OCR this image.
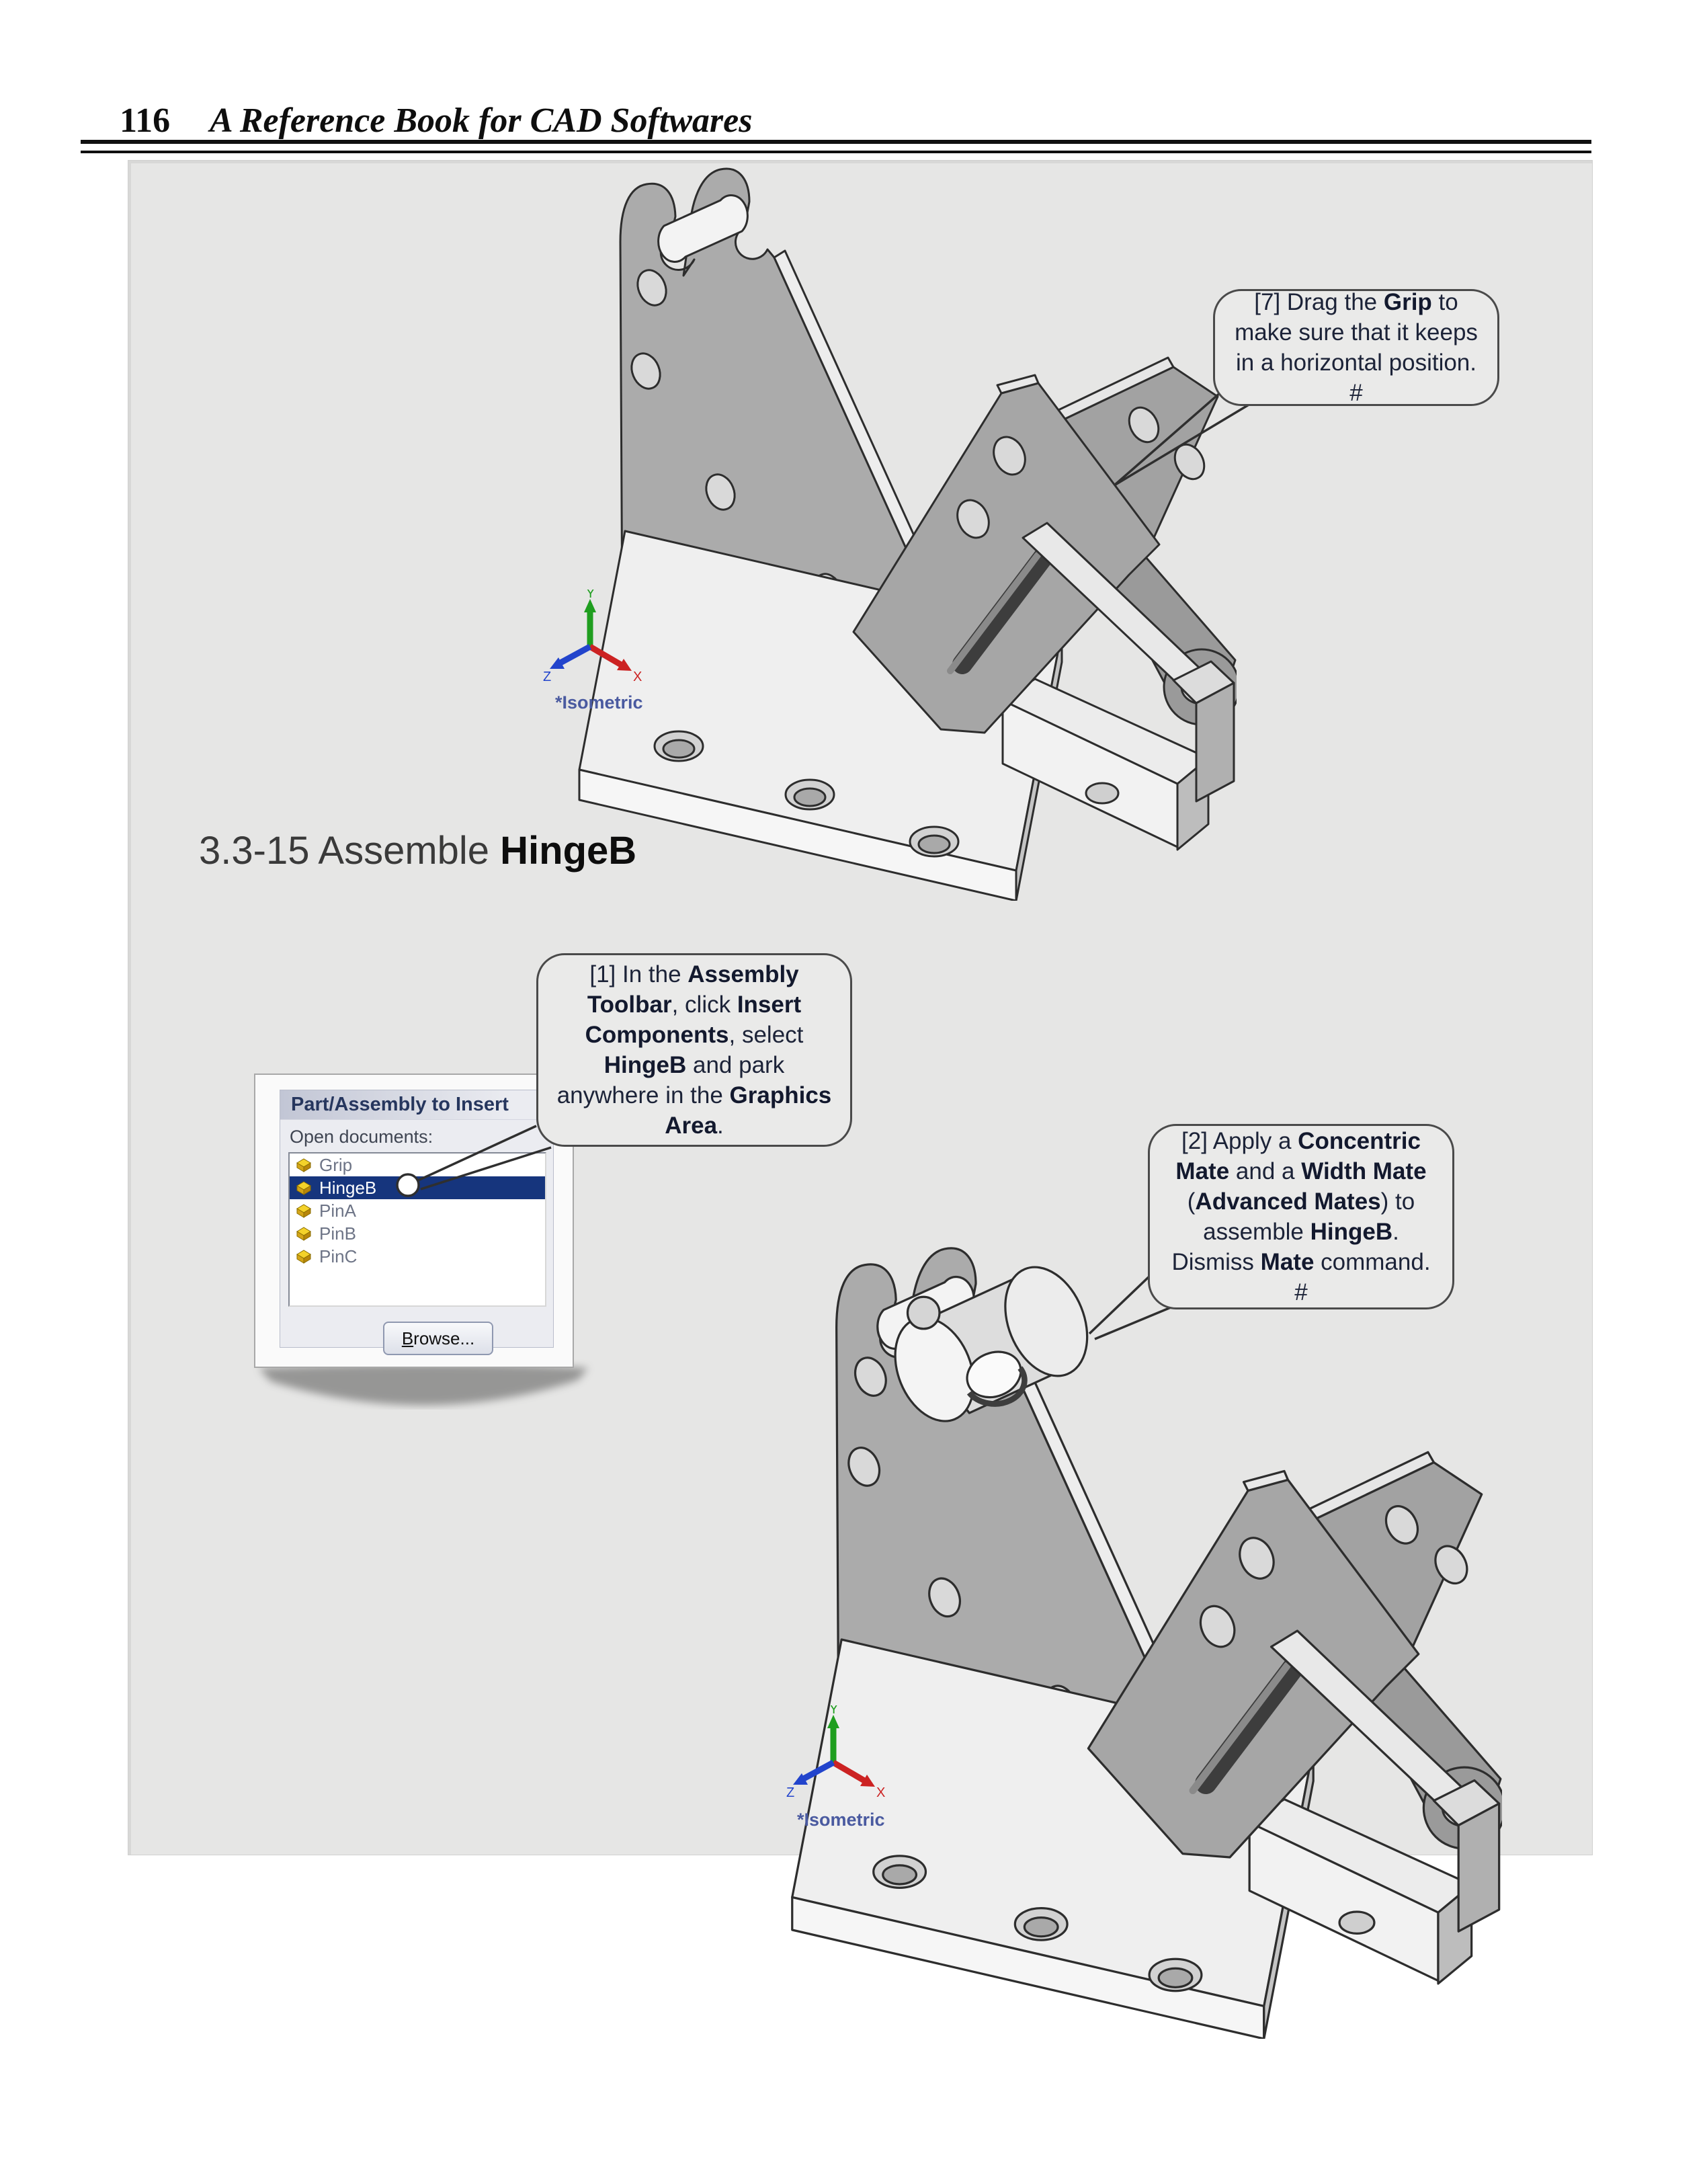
116 A Reference Book for CAD Softwares
*Isometric
*Isometric
3.3-15 Assemble HingeB
Part/Assembly to Insert
Open documents:
Grip
HingeB
PinA
PinB
PinC
B rowse...
[7] Drag the Grip to make sure that it keeps in a horizontal position. #
[1] In the Assembly Toolbar, click Insert Components, select HingeB and park anywhere in the Graphics Area.
[2] Apply a Concentric Mate and a Width Mate (Advanced Mates) to assemble HingeB. Dismiss Mate command. #
